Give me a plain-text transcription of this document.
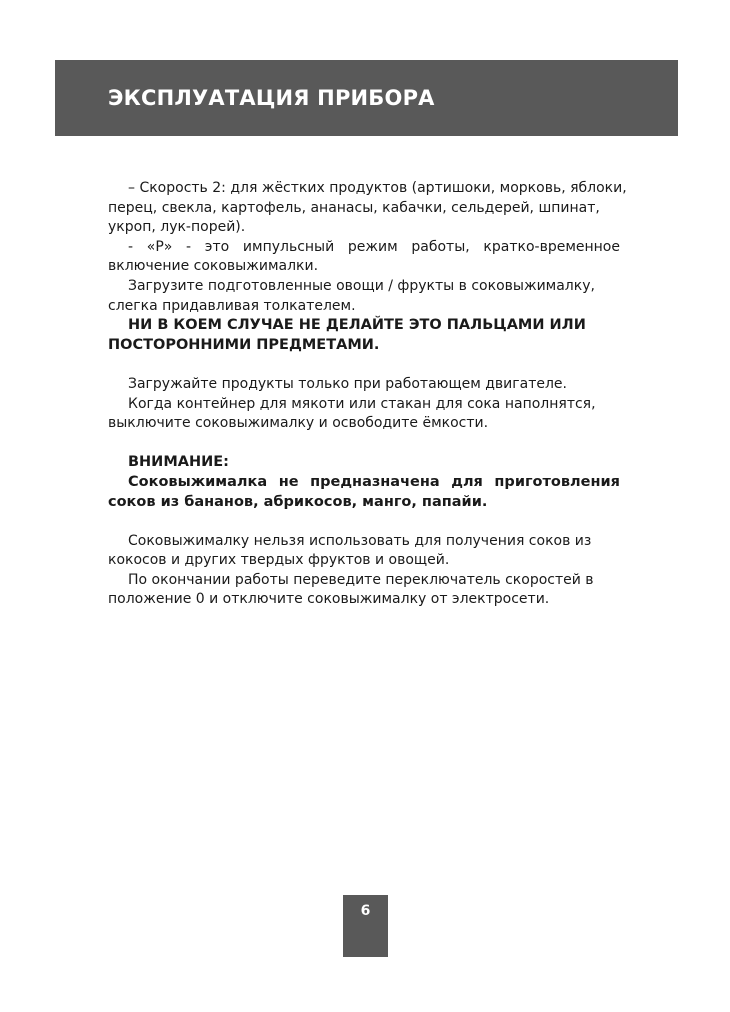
ЭКСПЛУАТАЦИЯ ПРИБОРА
– Скорость 2: для жёстких продуктов (артишоки, морковь, яблоки,
перец, свекла, картофель, ананасы, кабачки, сельдерей, шпинат,
укроп, лук-порей).
- «P» - это импульсный режим работы, кратко-временное
включение соковыжималки.
Загрузите подготовленные овощи / фрукты в соковыжималку,
слегка придавливая толкателем.
НИ В КОЕМ СЛУЧАЕ НЕ ДЕЛАЙТЕ ЭТО ПАЛЬЦАМИ ИЛИ
ПОСТОРОННИМИ ПРЕДМЕТАМИ.
Загружайте продукты только при работающем двигателе.
Когда контейнер для мякоти или стакан для сока наполнятся,
выключите соковыжималку и освободите ёмкости.
ВНИМАНИЕ:
Соковыжималка не предназначена для приготовления
соков из бананов, абрикосов, манго, папайи.
Соковыжималку нельзя использовать для получения соков из
кокосов и других твердых фруктов и овощей.
По окончании работы переведите переключатель скоростей в
положение 0 и отключите соковыжималку от электросети.
6
